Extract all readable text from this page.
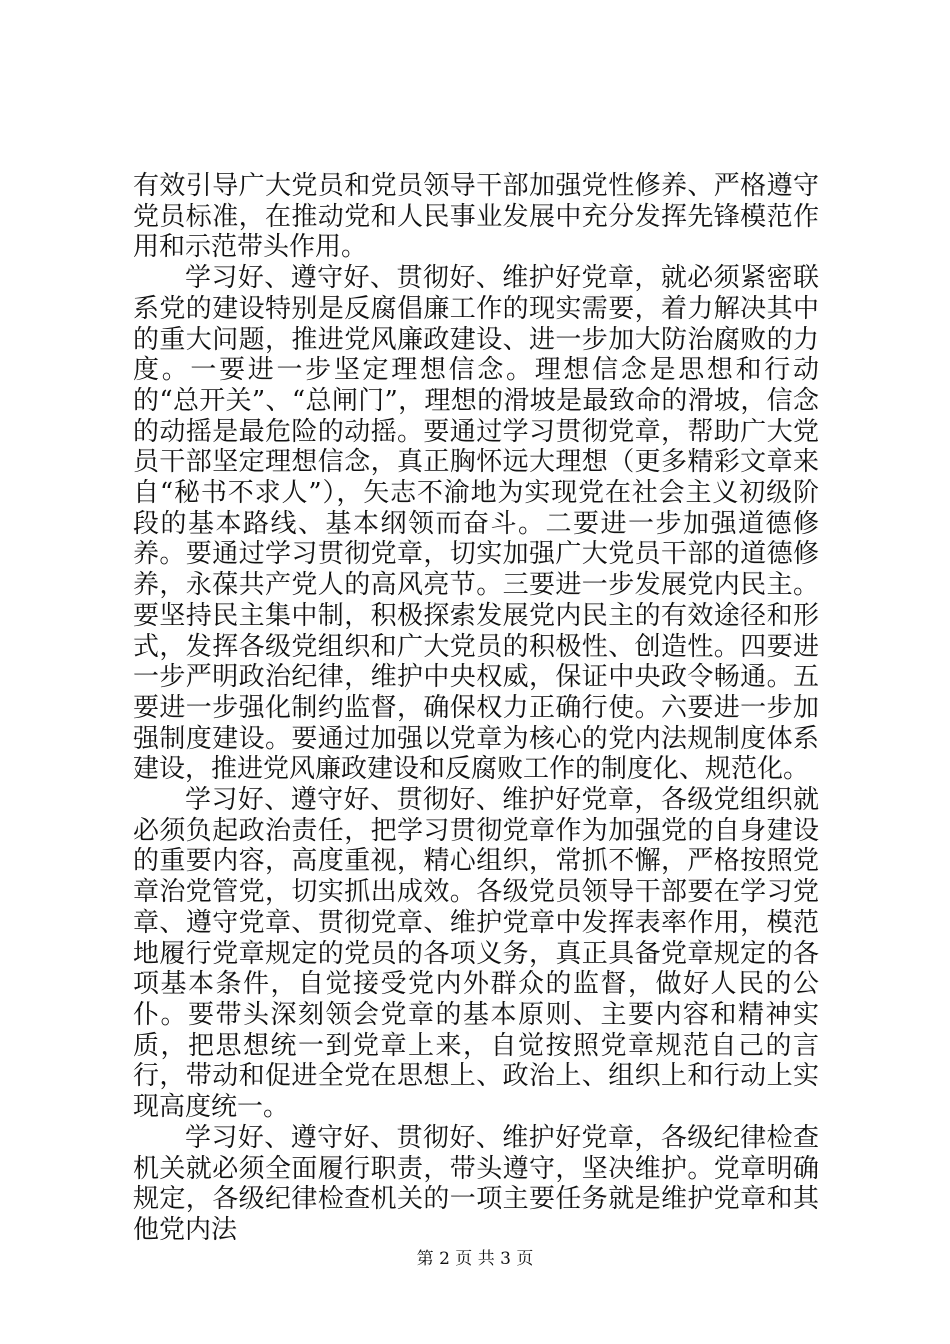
有效引导广大党员和党员领导干部加强党性修养、严格遵守党员标准，在推动党和人民事业发展中充分发挥先锋模范作用和示范带头作用。

学习好、遵守好、贯彻好、维护好党章，就必须紧密联系党的建设特别是反腐倡廉工作的现实需要，着力解决其中的重大问题，推进党风廉政建设、进一步加大防治腐败的力度。一要进一步坚定理想信念。理想信念是思想和行动的“总开关”、“总闸门”，理想的滑坡是最致命的滑坡，信念的动摇是最危险的动摇。要通过学习贯彻党章，帮助广大党员干部坚定理想信念，真正胸怀远大理想（更多精彩文章来自“秘书不求人”），矢志不渝地为实现党在社会主义初级阶段的基本路线、基本纲领而奋斗。二要进一步加强道德修养。要通过学习贯彻党章，切实加强广大党员干部的道德修养，永葆共产党人的高风亮节。三要进一步发展党内民主。要坚持民主集中制，积极探索发展党内民主的有效途径和形式，发挥各级党组织和广大党员的积极性、创造性。四要进一步严明政治纪律，维护中央权威，保证中央政令畅通。五要进一步强化制约监督，确保权力正确行使。六要进一步加强制度建设。要通过加强以党章为核心的党内法规制度体系建设，推进党风廉政建设和反腐败工作的制度化、规范化。

学习好、遵守好、贯彻好、维护好党章，各级党组织就必须负起政治责任，把学习贯彻党章作为加强党的自身建设的重要内容，高度重视，精心组织，常抓不懈，严格按照党章治党管党，切实抓出成效。各级党员领导干部要在学习党章、遵守党章、贯彻党章、维护党章中发挥表率作用，模范地履行党章规定的党员的各项义务，真正具备党章规定的各项基本条件，自觉接受党内外群众的监督，做好人民的公仆。要带头深刻领会党章的基本原则、主要内容和精神实质，把思想统一到党章上来，自觉按照党章规范自己的言行，带动和促进全党在思想上、政治上、组织上和行动上实现高度统一。

学习好、遵守好、贯彻好、维护好党章，各级纪律检查机关就必须全面履行职责，带头遵守，坚决维护。党章明确规定，各级纪律检查机关的一项主要任务就是维护党章和其他党内法

第 2 页 共 3 页
